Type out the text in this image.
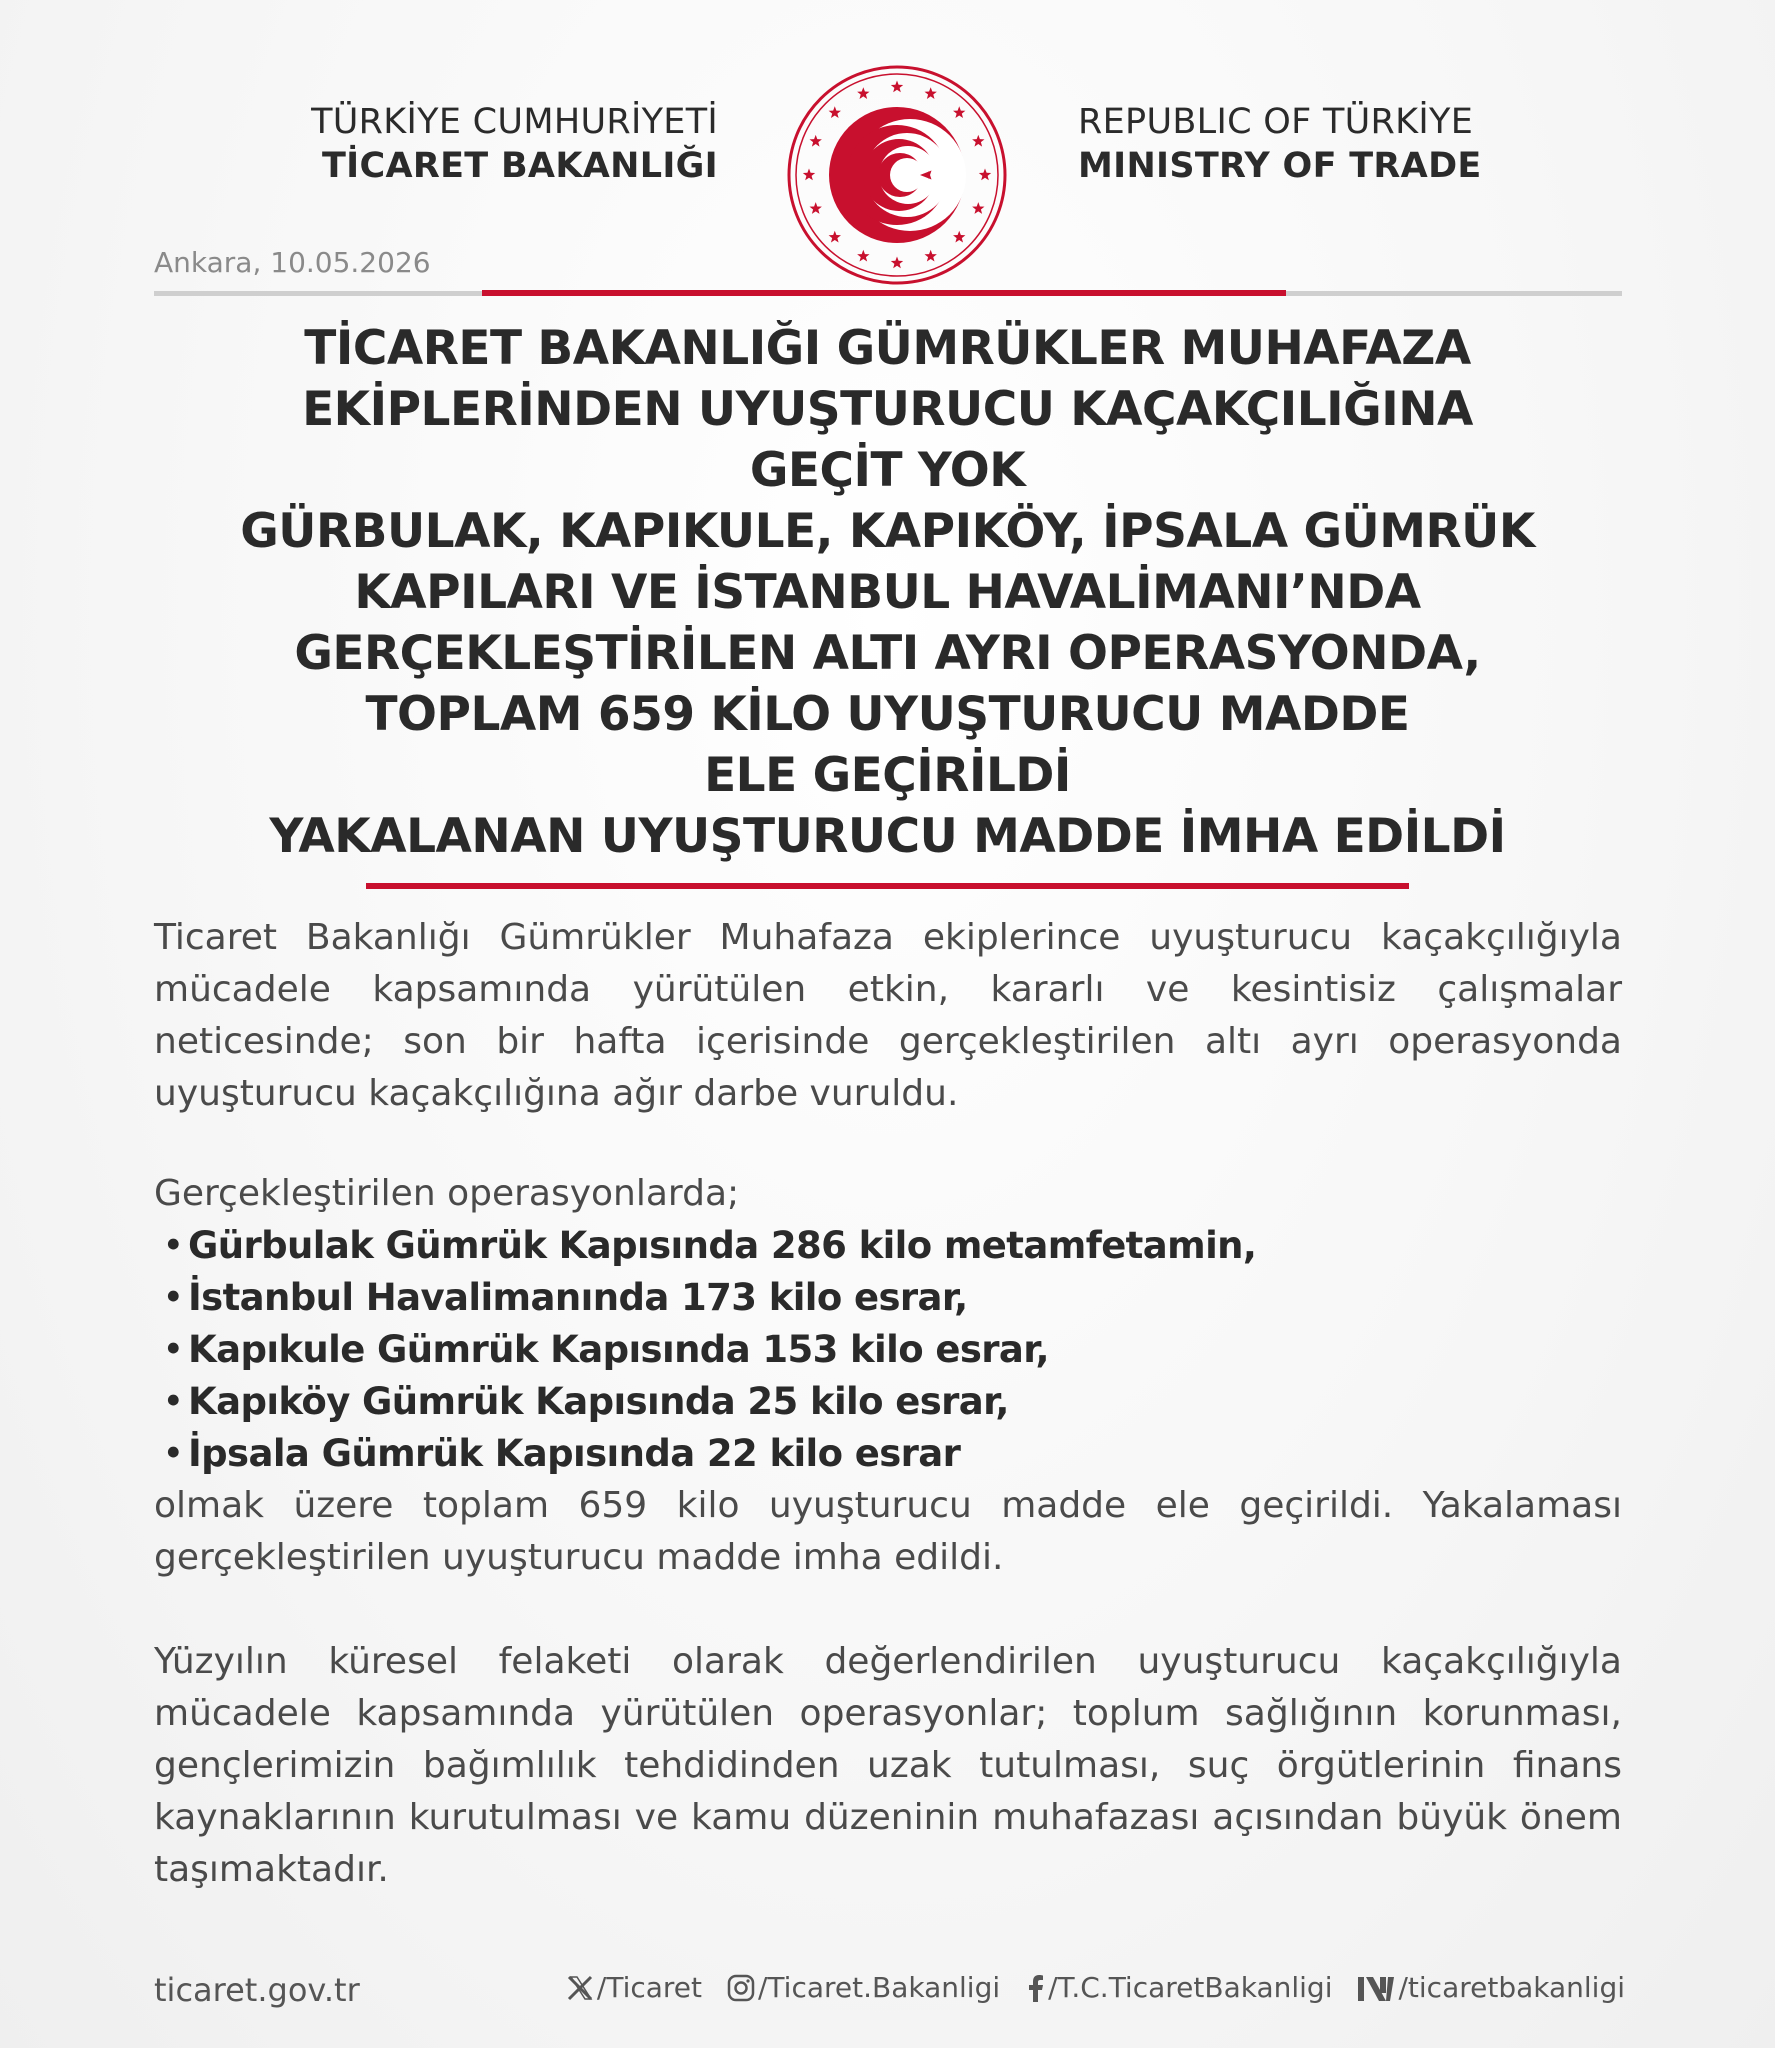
TÜRKİYE CUMHURİYETİ
TİCARET BAKANLIĞI
REPUBLIC OF TÜRKİYE
MINISTRY OF TRADE
Ankara, 10.05.2026
TİCARET BAKANLIĞI GÜMRÜKLER MUHAFAZA
EKİPLERİNDEN UYUŞTURUCU KAÇAKÇILIĞINA
GEÇİT YOK
GÜRBULAK, KAPIKULE, KAPIKÖY, İPSALA GÜMRÜK
KAPILARI VE İSTANBUL HAVALİMANI’NDA
GERÇEKLEŞTİRİLEN ALTI AYRI OPERASYONDA,
TOPLAM 659 KİLO UYUŞTURUCU MADDE
ELE GEÇİRİLDİ
YAKALANAN UYUŞTURUCU MADDE İMHA EDİLDİ
Ticaret Bakanlığı Gümrükler Muhafaza ekiplerince uyuşturucu kaçakçılığıyla mücadele kapsamında yürütülen etkin, kararlı ve kesintisiz çalışmalar neticesinde; son bir hafta içerisinde gerçekleştirilen altı ayrı operasyonda uyuşturucu kaçakçılığına ağır darbe vuruldu.
Gerçekleştirilen operasyonlarda;
• Gürbulak Gümrük Kapısında 286 kilo metamfetamin,
• İstanbul Havalimanında 173 kilo esrar,
• Kapıkule Gümrük Kapısında 153 kilo esrar,
• Kapıköy Gümrük Kapısında 25 kilo esrar,
• İpsala Gümrük Kapısında 22 kilo esrar
olmak üzere toplam 659 kilo uyuşturucu madde ele geçirildi. Yakalaması gerçekleştirilen uyuşturucu madde imha edildi.
Yüzyılın küresel felaketi olarak değerlendirilen uyuşturucu kaçakçılığıyla mücadele kapsamında yürütülen operasyonlar; toplum sağlığının korunması, gençlerimizin bağımlılık tehdidinden uzak tutulması, suç örgütlerinin finans kaynaklarının kurutulması ve kamu düzeninin muhafazası açısından büyük önem taşımaktadır.
ticaret.gov.tr	/Ticaret /Ticaret.Bakanligi /T.C.TicaretBakanligi /ticaretbakanligi
